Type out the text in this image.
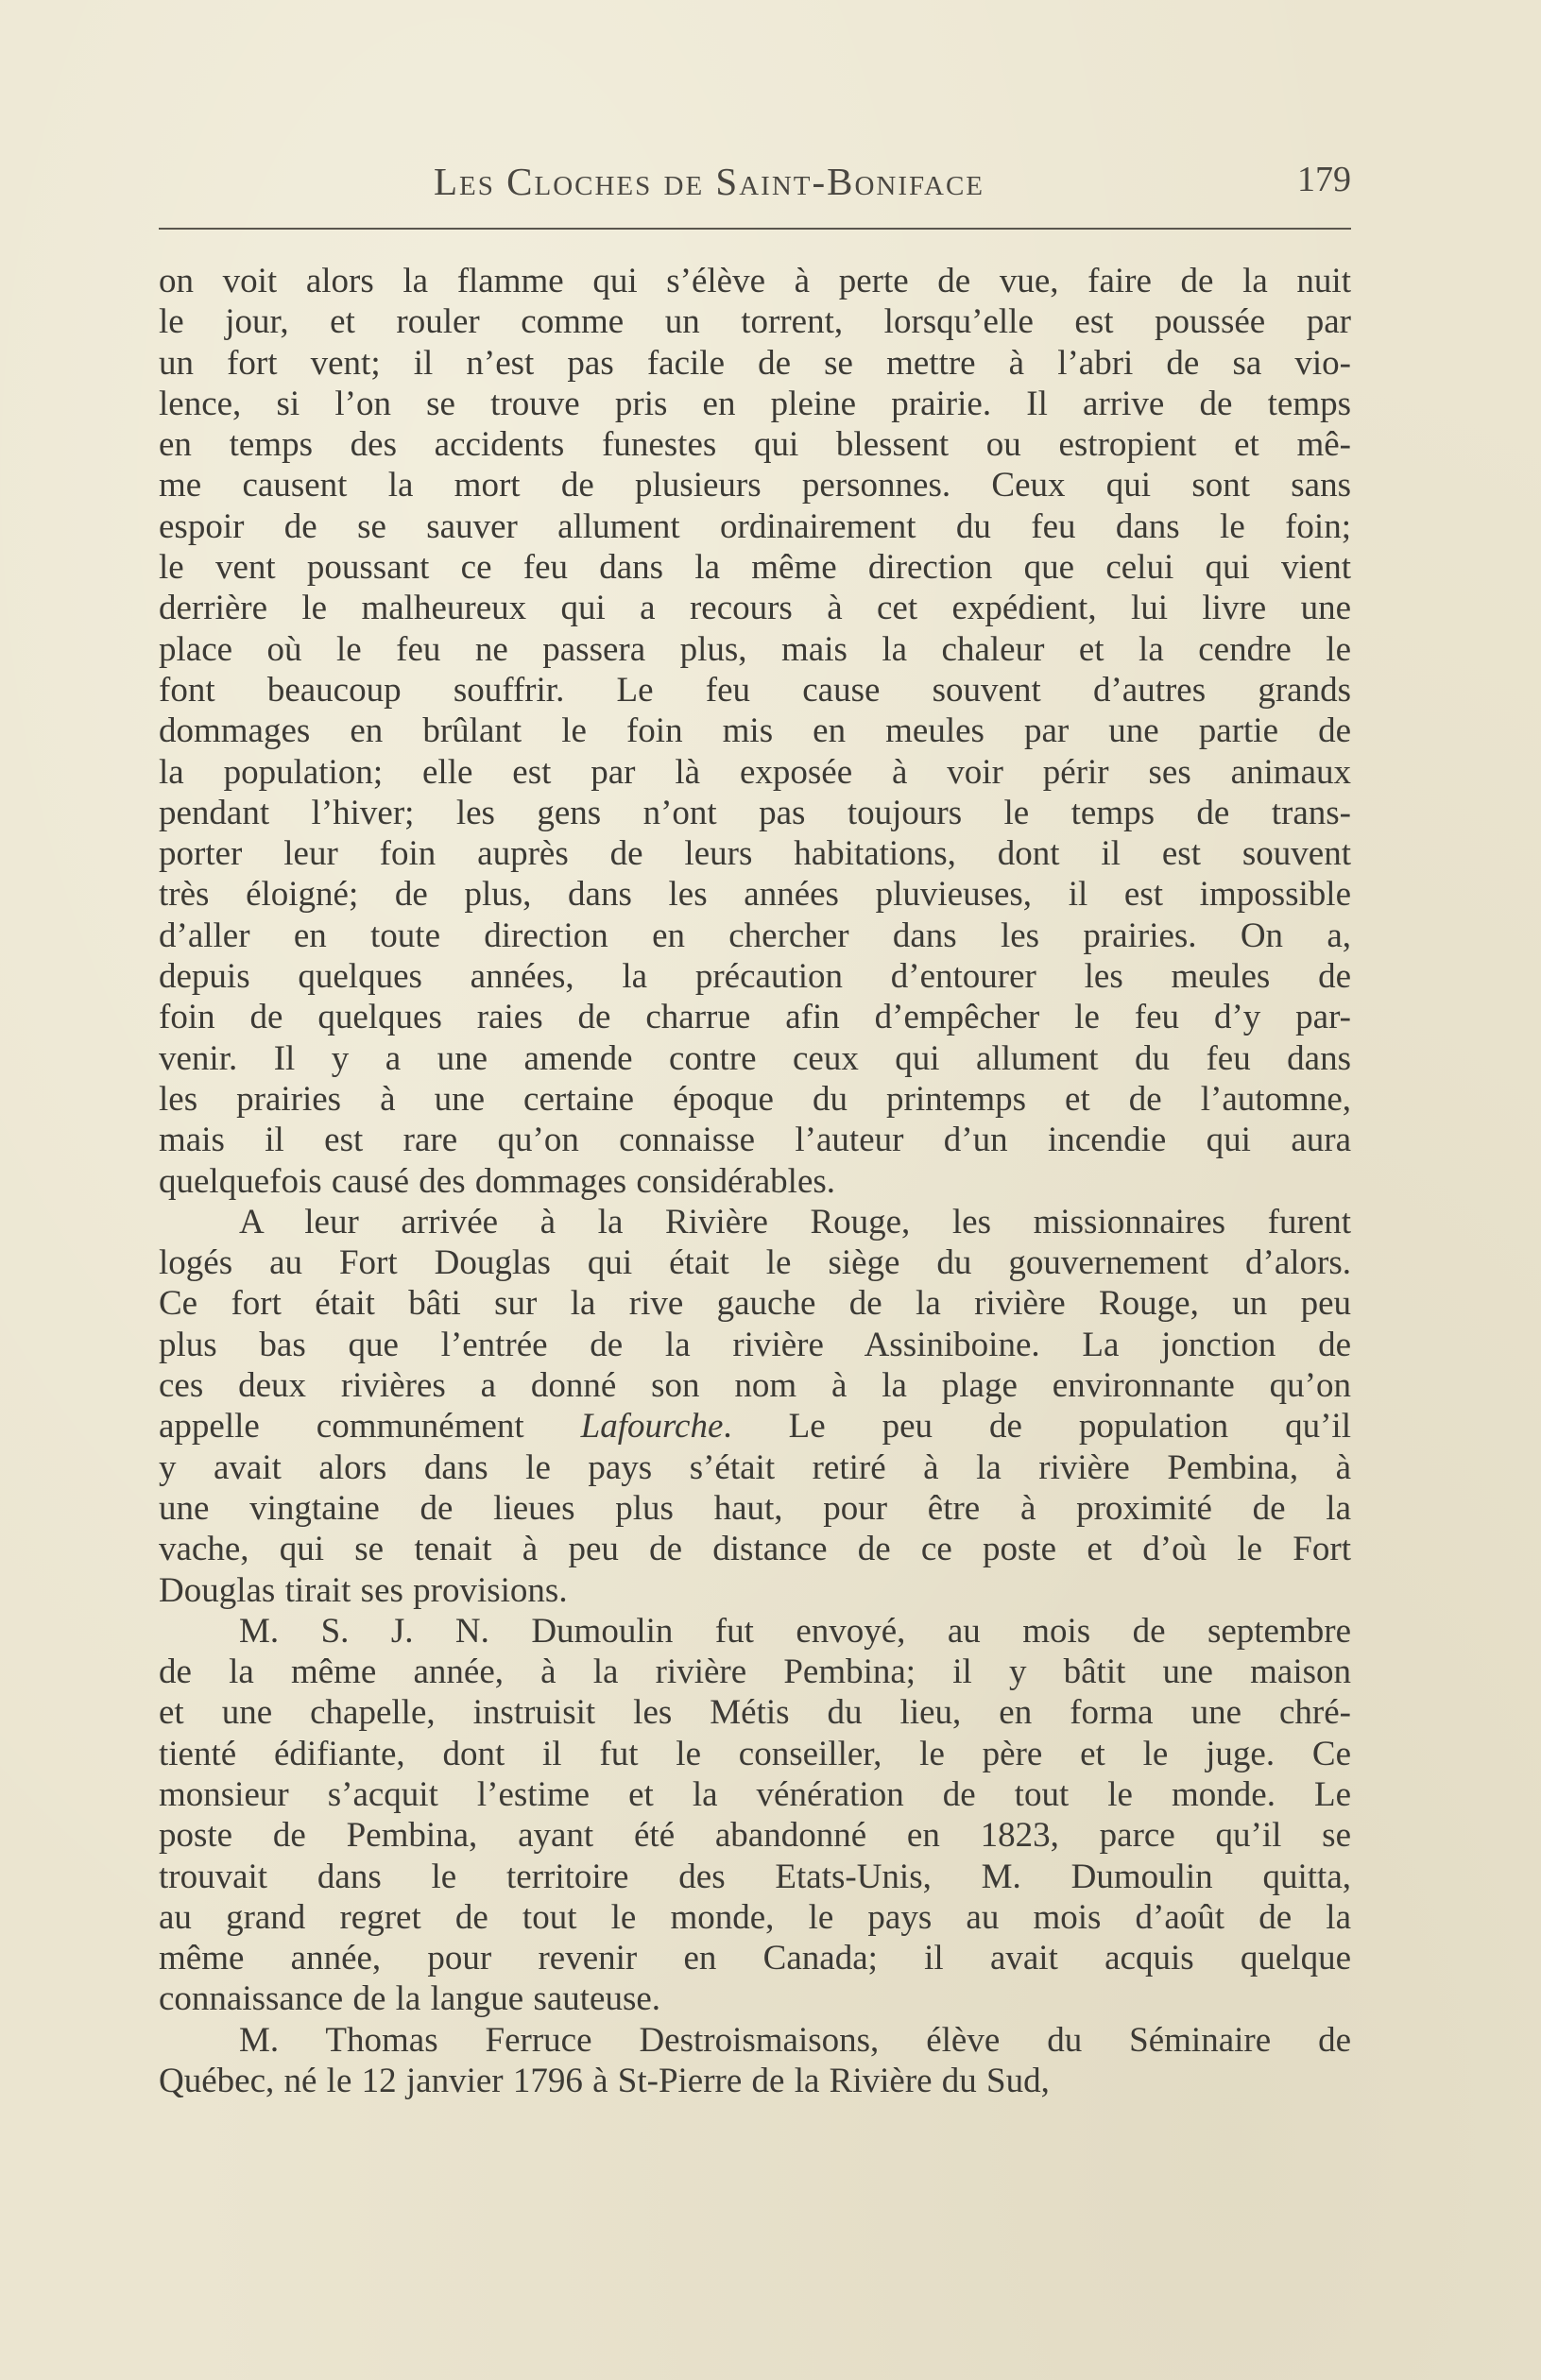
Les Cloches de Saint-Boniface	179

on voit alors la flamme qui s’élève à perte de vue, faire de la nuit
le jour, et rouler comme un torrent, lorsqu’elle est poussée par
un fort vent; il n’est pas facile de se mettre à l’abri de sa vio-
lence, si l’on se trouve pris en pleine prairie. Il arrive de temps
en temps des accidents funestes qui blessent ou estropient et mê-
me causent la mort de plusieurs personnes. Ceux qui sont sans
espoir de se sauver allument ordinairement du feu dans le foin;
le vent poussant ce feu dans la même direction que celui qui vient
derrière le malheureux qui a recours à cet expédient, lui livre une
place où le feu ne passera plus, mais la chaleur et la cendre le
font beaucoup souffrir. Le feu cause souvent d’autres grands
dommages en brûlant le foin mis en meules par une partie de
la population; elle est par là exposée à voir périr ses animaux
pendant l’hiver; les gens n’ont pas toujours le temps de trans-
porter leur foin auprès de leurs habitations, dont il est souvent
très éloigné; de plus, dans les années pluvieuses, il est impossible
d’aller en toute direction en chercher dans les prairies. On a,
depuis quelques années, la précaution d’entourer les meules de
foin de quelques raies de charrue afin d’empêcher le feu d’y par-
venir. Il y a une amende contre ceux qui allument du feu dans
les prairies à une certaine époque du printemps et de l’automne,
mais il est rare qu’on connaisse l’auteur d’un incendie qui aura
quelquefois causé des dommages considérables.

A leur arrivée à la Rivière Rouge, les missionnaires furent
logés au Fort Douglas qui était le siège du gouvernement d’alors.
Ce fort était bâti sur la rive gauche de la rivière Rouge, un peu
plus bas que l’entrée de la rivière Assiniboine. La jonction de
ces deux rivières a donné son nom à la plage environnante qu’on
appelle communément Lafourche. Le peu de population qu’il
y avait alors dans le pays s’était retiré à la rivière Pembina, à
une vingtaine de lieues plus haut, pour être à proximité de la
vache, qui se tenait à peu de distance de ce poste et d’où le Fort
Douglas tirait ses provisions.

M. S. J. N. Dumoulin fut envoyé, au mois de septembre
de la même année, à la rivière Pembina; il y bâtit une maison
et une chapelle, instruisit les Métis du lieu, en forma une chré-
tienté édifiante, dont il fut le conseiller, le père et le juge. Ce
monsieur s’acquit l’estime et la vénération de tout le monde. Le
poste de Pembina, ayant été abandonné en 1823, parce qu’il se
trouvait dans le territoire des Etats-Unis, M. Dumoulin quitta,
au grand regret de tout le monde, le pays au mois d’août de la
même année, pour revenir en Canada; il avait acquis quelque
connaissance de la langue sauteuse.

M. Thomas Ferruce Destroismaisons, élève du Séminaire de
Québec, né le 12 janvier 1796 à St-Pierre de la Rivière du Sud,
